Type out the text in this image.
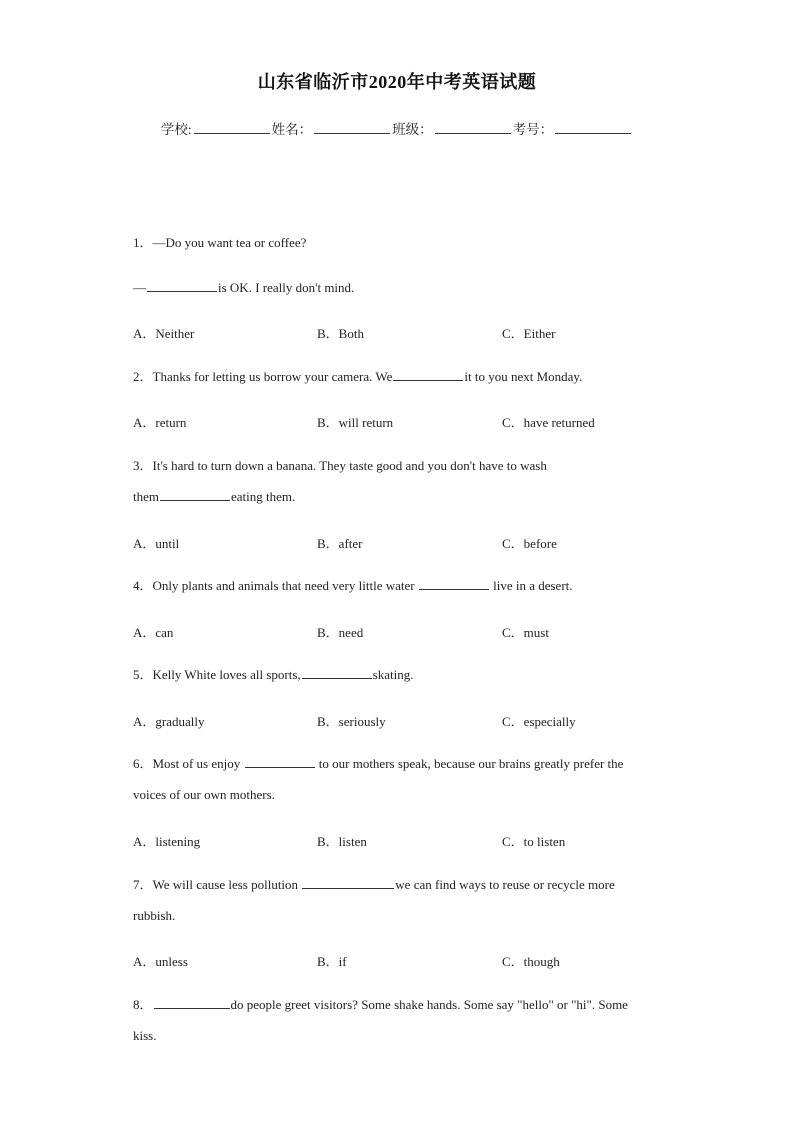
山东省临沂市2020年中考英语试题
学校:	姓名：	班级：	考号：
1．—Do you want tea or coffee?
—	is OK. I really don't mind.
A．Neither	B．Both	C．Either
2．Thanks for letting us borrow your camera. We	it to you next Monday.
A．return	B．will return	C．have returned
3．It's hard to turn down a banana. They taste good and you don't have to wash
them	eating them.
A．until	B．after	C．before
4．Only plants and animals that need very little water	live in a desert.
A．can	B．need	C．must
5．Kelly White loves all sports,	skating.
A．gradually	B．seriously	C．especially
6．Most of us enjoy	to our mothers speak, because our brains greatly prefer the
voices of our own mothers.
A．listening	B．listen	C．to listen
7．We will cause less pollution	we can find ways to reuse or recycle more
rubbish.
A．unless	B．if	C．though
8．	do people greet visitors? Some shake hands. Some say "hello" or "hi". Some
kiss.
